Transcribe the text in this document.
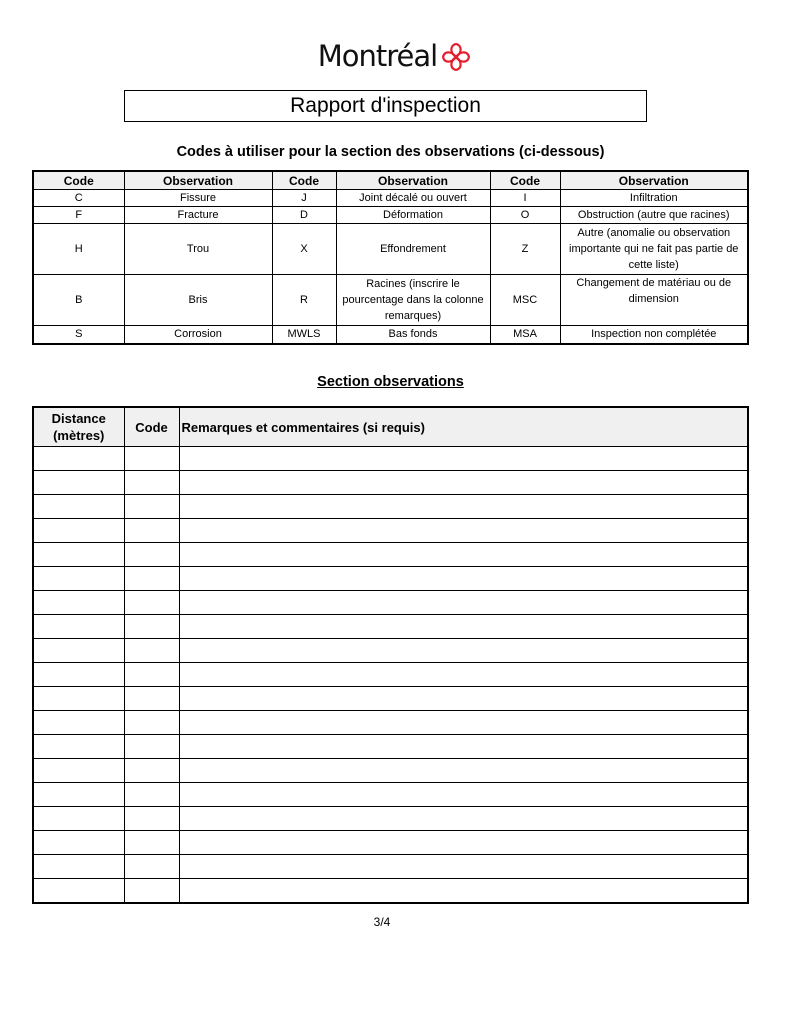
Montréal
Rapport d'inspection
Codes à utiliser pour la section des observations (ci-dessous)
Code	Observation	Code	Observation	Code	Observation
C	Fissure	J	Joint décalé ou ouvert	I	Infiltration
F	Fracture	D	Déformation	O	Obstruction (autre que racines)
H	Trou	X	Effondrement	Z	Autre (anomalie ou observation importante qui ne fait pas partie de cette liste)
B	Bris	R	Racines (inscrire le pourcentage dans la colonne remarques)	MSC	Changement de matériau ou de dimension
S	Corrosion	MWLS	Bas fonds	MSA	Inspection non complétée
Section observations
Distance (mètres)	Code	Remarques et commentaires (si requis)

3/4
